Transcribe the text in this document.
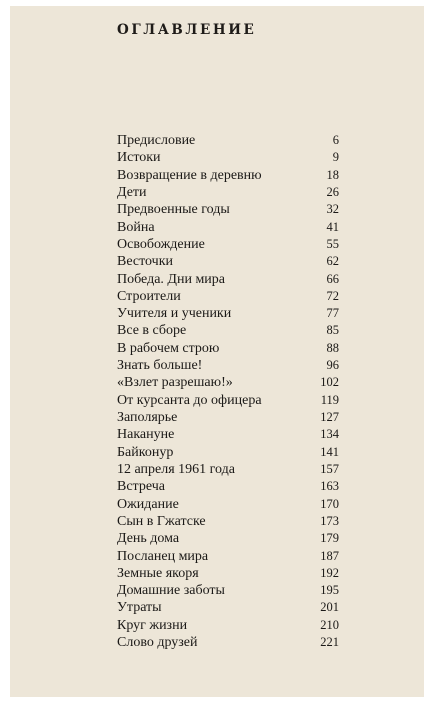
ОГЛАВЛЕНИЕ
Предисловие	6
Истоки	9
Возвращение в деревню	18
Дети	26
Предвоенные годы	32
Война	41
Освобождение	55
Весточки	62
Победа. Дни мира	66
Строители	72
Учителя и ученики	77
Все в сборе	85
В рабочем строю	88
Знать больше!	96
«Взлет разрешаю!»	102
От курсанта до офицера	119
Заполярье	127
Накануне	134
Байконур	141
12 апреля 1961 года	157
Встреча	163
Ожидание	170
Сын в Гжатске	173
День дома	179
Посланец мира	187
Земные якоря	192
Домашние заботы	195
Утраты	201
Круг жизни	210
Слово друзей	221
